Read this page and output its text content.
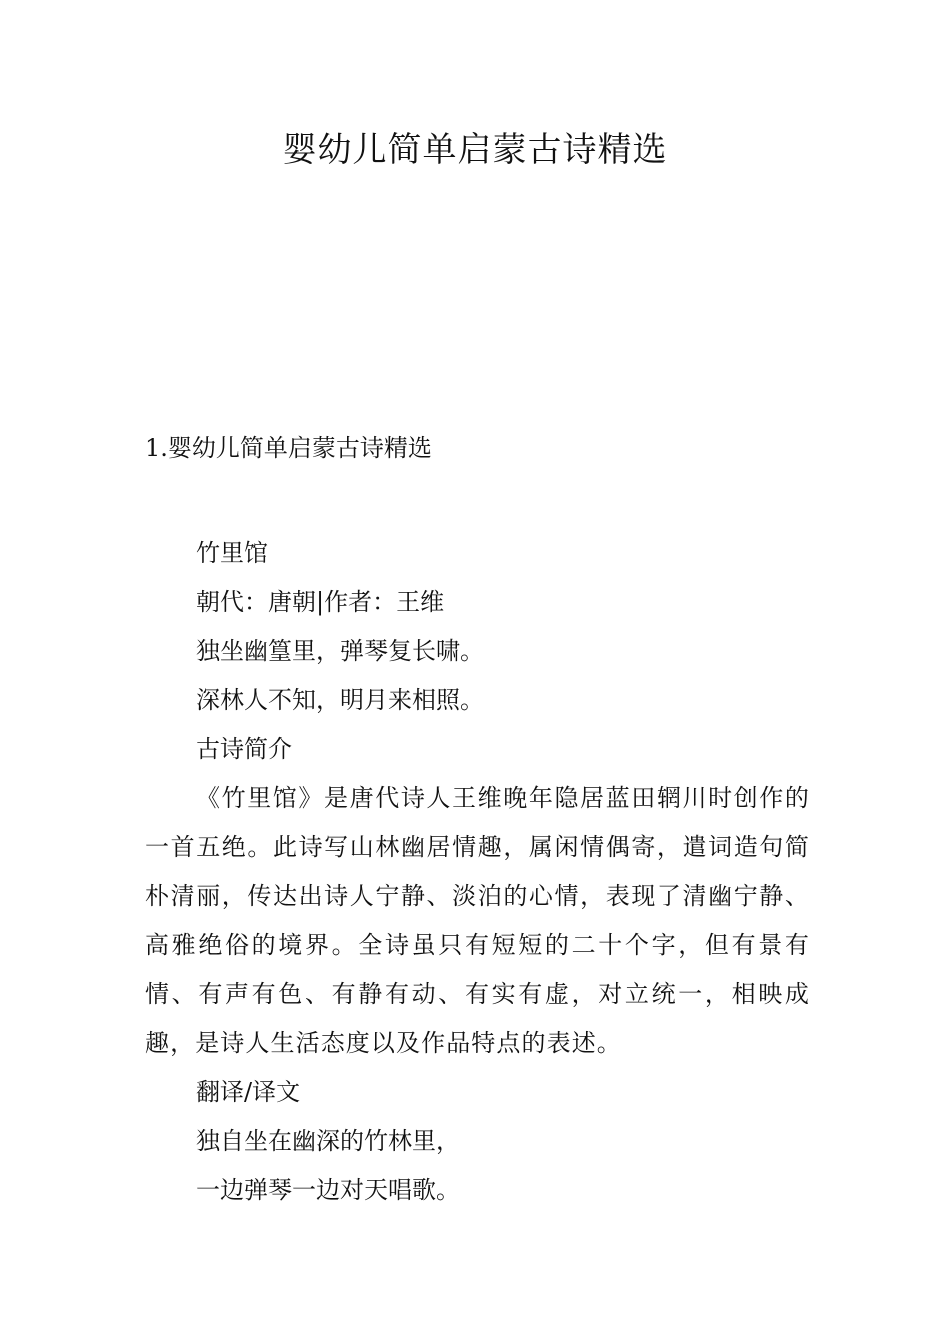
婴幼儿简单启蒙古诗精选
1.婴幼儿简单启蒙古诗精选

竹里馆

朝代：唐朝|作者：王维

独坐幽篁里，弹琴复长啸。

深林人不知，明月来相照。

古诗简介

《竹里馆》是唐代诗人王维晚年隐居蓝田辋川时创作的一首五绝。此诗写山林幽居情趣，属闲情偶寄，遣词造句简朴清丽，传达出诗人宁静、淡泊的心情，表现了清幽宁静、高雅绝俗的境界。全诗虽只有短短的二十个字，但有景有情、有声有色、有静有动、有实有虚，对立统一，相映成趣，是诗人生活态度以及作品特点的表述。

翻译/译文

独自坐在幽深的竹林里，

一边弹琴一边对天唱歌。
